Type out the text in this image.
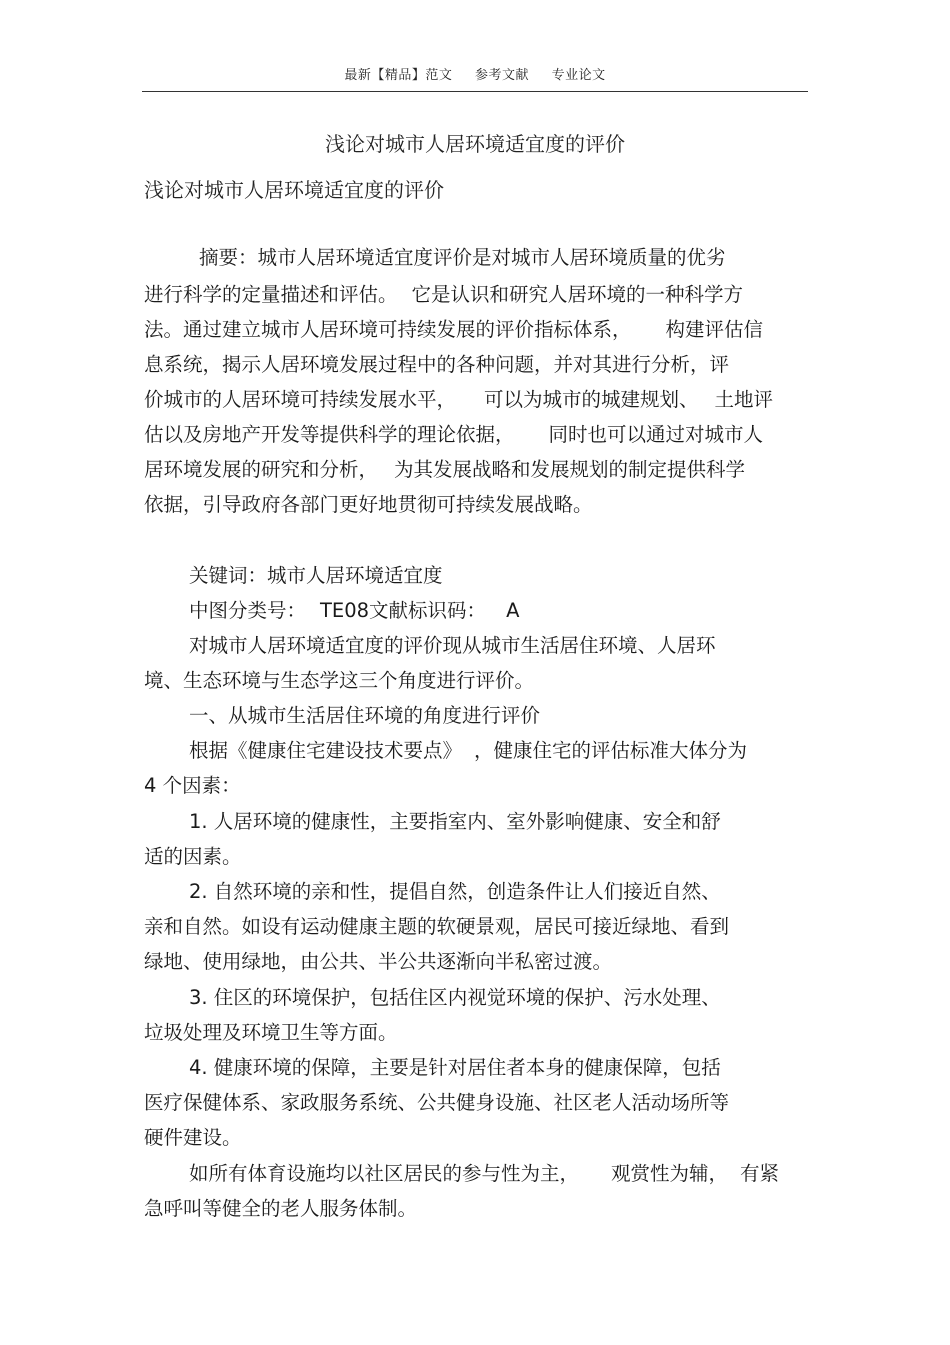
最新【精品】范文 参考文献 专业论文
浅论对城市人居环境适宜度的评价
浅论对城市人居环境适宜度的评价
摘要：城市人居环境适宜度评价是对城市人居环境质量的优劣
进行科学的定量描述和评估。 它是认识和研究人居环境的一种科学方
法。通过建立城市人居环境可持续发展的评价指标体系， 构建评估信
息系统，揭示人居环境发展过程中的各种问题，并对其进行分析，评
价城市的人居环境可持续发展水平， 可以为城市的城建规划、 土地评
估以及房地产开发等提供科学的理论依据， 同时也可以通过对城市人
居环境发展的研究和分析， 为其发展战略和发展规划的制定提供科学
依据，引导政府各部门更好地贯彻可持续发展战略。
关键词：城市人居环境适宜度
中图分类号： TE08文献标识码： A
对城市人居环境适宜度的评价现从城市生活居住环境、人居环
境、生态环境与生态学这三个角度进行评价。
一、从城市生活居住环境的角度进行评价
根据《健康住宅建设技术要点》 ，健康住宅的评估标准大体分为
4 个因素：
1. 人居环境的健康性，主要指室内、室外影响健康、安全和舒
适的因素。
2. 自然环境的亲和性，提倡自然，创造条件让人们接近自然、
亲和自然。如设有运动健康主题的软硬景观，居民可接近绿地、看到
绿地、使用绿地，由公共、半公共逐渐向半私密过渡。
3. 住区的环境保护，包括住区内视觉环境的保护、污水处理、
垃圾处理及环境卫生等方面。
4. 健康环境的保障，主要是针对居住者本身的健康保障，包括
医疗保健体系、家政服务系统、公共健身设施、社区老人活动场所等
硬件建设。
如所有体育设施均以社区居民的参与性为主， 观赏性为辅， 有紧
急呼叫等健全的老人服务体制。
